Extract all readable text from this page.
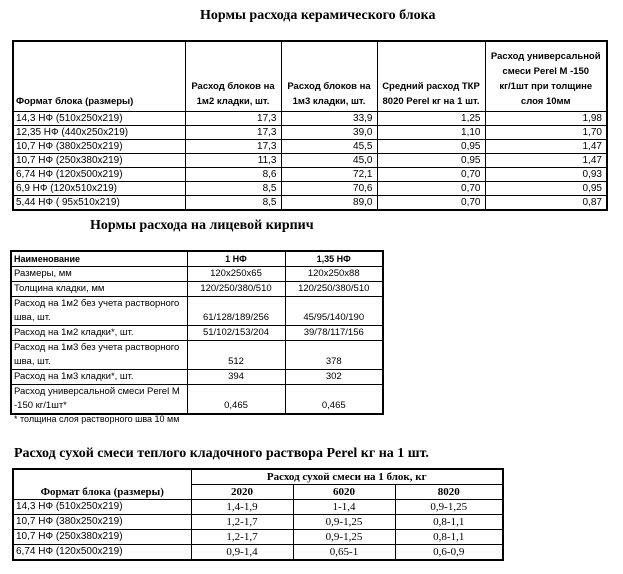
Нормы расхода керамического блока
Формат блока (размеры)	Расход блоков на 1м2 кладки, шт.	Расход блоков на 1м3 кладки, шт.	Средний расход ТКР 8020 Perel кг на 1 шт.	Расход универсальной смеси Perel M -150 кг/1шт при толщине слоя 10мм
14,3 НФ (510х250х219)	17,3	33,9	1,25	1,98
12,35 НФ (440х250х219)	17,3	39,0	1,10	1,70
10,7 НФ (380х250х219)	17,3	45,5	0,95	1,47
10,7 НФ (250х380х219)	11,3	45,0	0,95	1,47
6,74 НФ (120х500х219)	8,6	72,1	0,70	0,93
6,9 НФ (120х510х219)	8,5	70,6	0,70	0,95
5,44 НФ ( 95х510х219)	8,5	89,0	0,70	0,87
Нормы расхода на лицевой кирпич
Наименование	1 НФ	1,35 НФ
Размеры, мм	120х250х65	120х250х88
Толщина кладки, мм	120/250/380/510	120/250/380/510
Расход на 1м2 без учета растворного шва, шт.	61/128/189/256	45/95/140/190
Расход на 1м2 кладки*, шт.	51/102/153/204	39/78/117/156
Расход на 1м3 без учета растворного шва, шт.	512	378
Расход на 1м3 кладки*, шт.	394	302
Расход универсальной смеси Perel M -150 кг/1шт*	0,465	0,465
* толщина слоя растворного шва 10 мм
Расход сухой смеси теплого кладочного раствора Perel кг на 1 шт.
Формат блока (размеры)	Расход сухой смеси на 1 блок, кг		
	2020	6020	8020
14,3 НФ (510х250х219)	1,4-1,9	1-1,4	0,9-1,25
10,7 НФ (380х250х219)	1,2-1,7	0,9-1,25	0,8-1,1
10,7 НФ (250х380х219)	1,2-1,7	0,9-1,25	0,8-1,1
6,74 НФ (120х500х219)	0,9-1,4	0,65-1	0,6-0,9
